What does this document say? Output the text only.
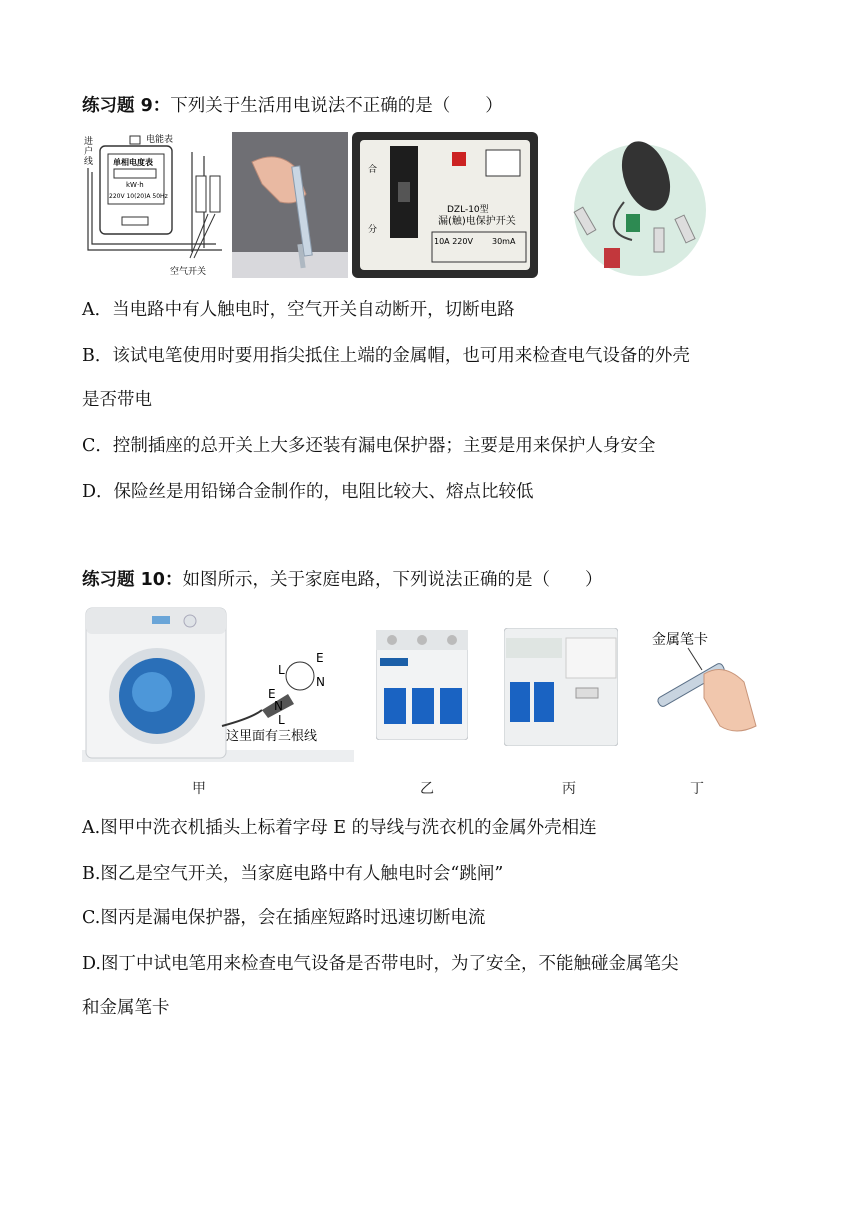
练习题 9：下列关于生活用电说法不正确的是（　　）
进户线
电能表
单相电度表
kW·h
220V 10(20)A 50Hz
空气开关
合
分
DZL-10型
漏(触)电保护开关
10A 220V 30mA
A．当电路中有人触电时，空气开关自动断开，切断电路
B．该试电笔使用时要用指尖抵住上端的金属帽，也可用来检查电气设备的外壳
是否带电
C．控制插座的总开关上大多还装有漏电保护器；主要是用来保护人身安全
D．保险丝是用铅锑合金制作的，电阻比较大、熔点比较低
练习题 10：如图所示，关于家庭电路，下列说法正确的是（　　）
L
E
N
E
N
L
这里面有三根线
金属笔卡
甲	乙	丙	丁
A.图甲中洗衣机插头上标着字母 E 的导线与洗衣机的金属外壳相连
B.图乙是空气开关，当家庭电路中有人触电时会“跳闸”
C.图丙是漏电保护器，会在插座短路时迅速切断电流
D.图丁中试电笔用来检查电气设备是否带电时，为了安全，不能触碰金属笔尖
和金属笔卡
